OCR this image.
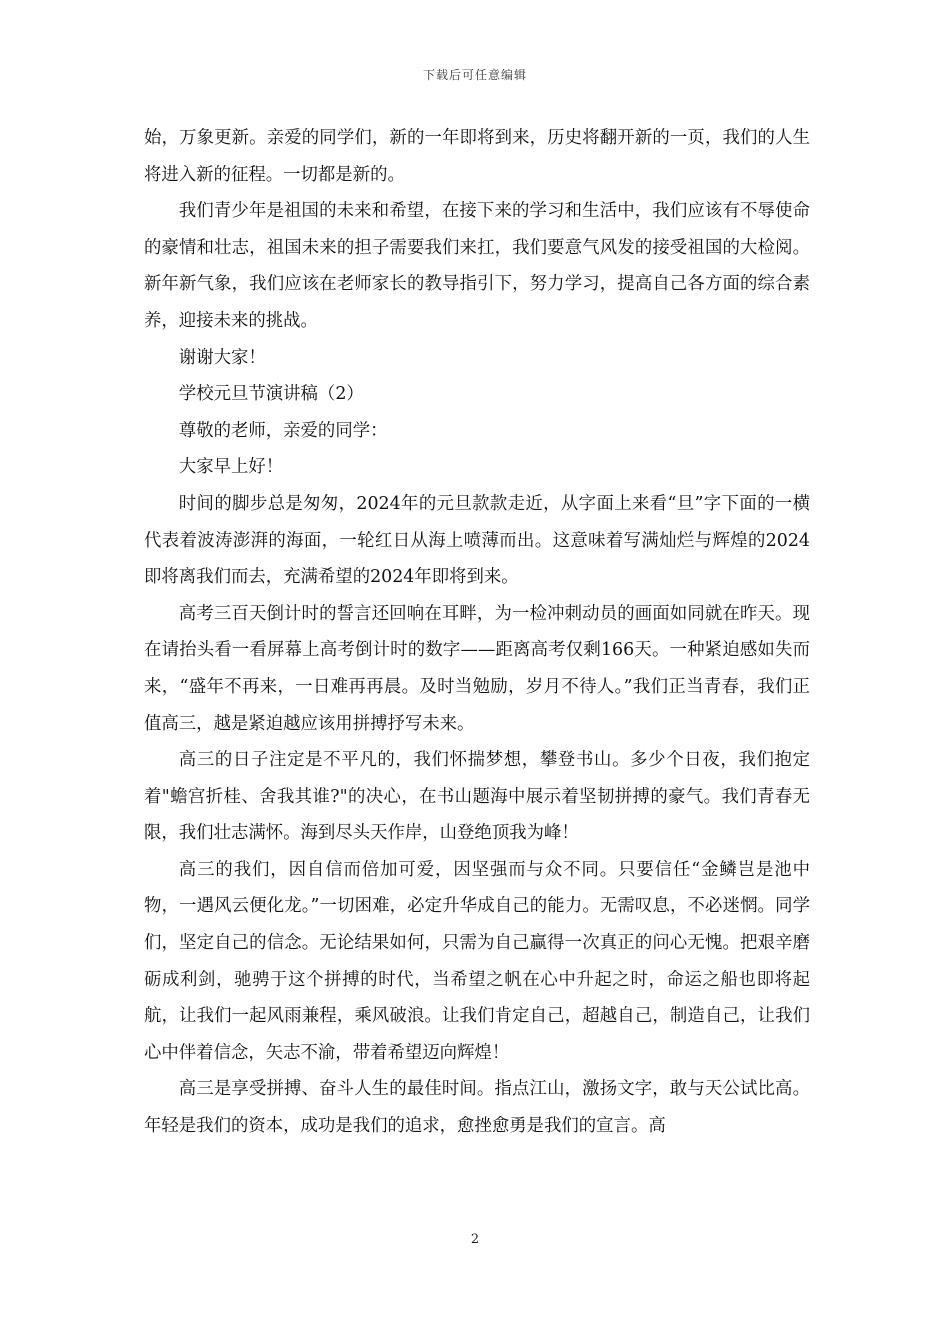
下载后可任意编辑

始，万象更新。亲爱的同学们，新的一年即将到来，历史将翻开新的一页，我们的人生将进入新的征程。一切都是新的。

我们青少年是祖国的未来和希望，在接下来的学习和生活中，我们应该有不辱使命的豪情和壮志，祖国未来的担子需要我们来扛，我们要意气风发的接受祖国的大检阅。新年新气象，我们应该在老师家长的教导指引下，努力学习，提高自己各方面的综合素养，迎接未来的挑战。

谢谢大家！

学校元旦节演讲稿（2）

尊敬的老师，亲爱的同学：

大家早上好！

时间的脚步总是匆匆，2024年的元旦款款走近，从字面上来看“旦”字下面的一横代表着波涛澎湃的海面，一轮红日从海上喷薄而出。这意味着写满灿烂与辉煌的2024即将离我们而去，充满希望的2024年即将到来。

高考三百天倒计时的誓言还回响在耳畔，为一检冲刺动员的画面如同就在昨天。现在请抬头看一看屏幕上高考倒计时的数字——距离高考仅剩166天。一种紧迫感如失而来，“盛年不再来，一日难再再晨。及时当勉励，岁月不待人。”我们正当青春，我们正值高三，越是紧迫越应该用拼搏抒写未来。

高三的日子注定是不平凡的，我们怀揣梦想，攀登书山。多少个日夜，我们抱定着"蟾宫折桂、舍我其谁?"的决心，在书山题海中展示着坚韧拼搏的豪气。我们青春无限，我们壮志满怀。海到尽头天作岸，山登绝顶我为峰！

高三的我们，因自信而倍加可爱，因坚强而与众不同。只要信任“金鳞岂是池中物，一遇风云便化龙。”一切困难，必定升华成自己的能力。无需叹息，不必迷惘。同学们，坚定自己的信念。无论结果如何，只需为自己赢得一次真正的问心无愧。把艰辛磨砺成利剑，驰骋于这个拼搏的时代，当希望之帆在心中升起之时，命运之船也即将起航，让我们一起风雨兼程，乘风破浪。让我们肯定自己，超越自己，制造自己，让我们心中伴着信念，矢志不渝，带着希望迈向辉煌！

高三是享受拼搏、奋斗人生的最佳时间。指点江山，激扬文字，敢与天公试比高。年轻是我们的资本，成功是我们的追求，愈挫愈勇是我们的宣言。高

2
